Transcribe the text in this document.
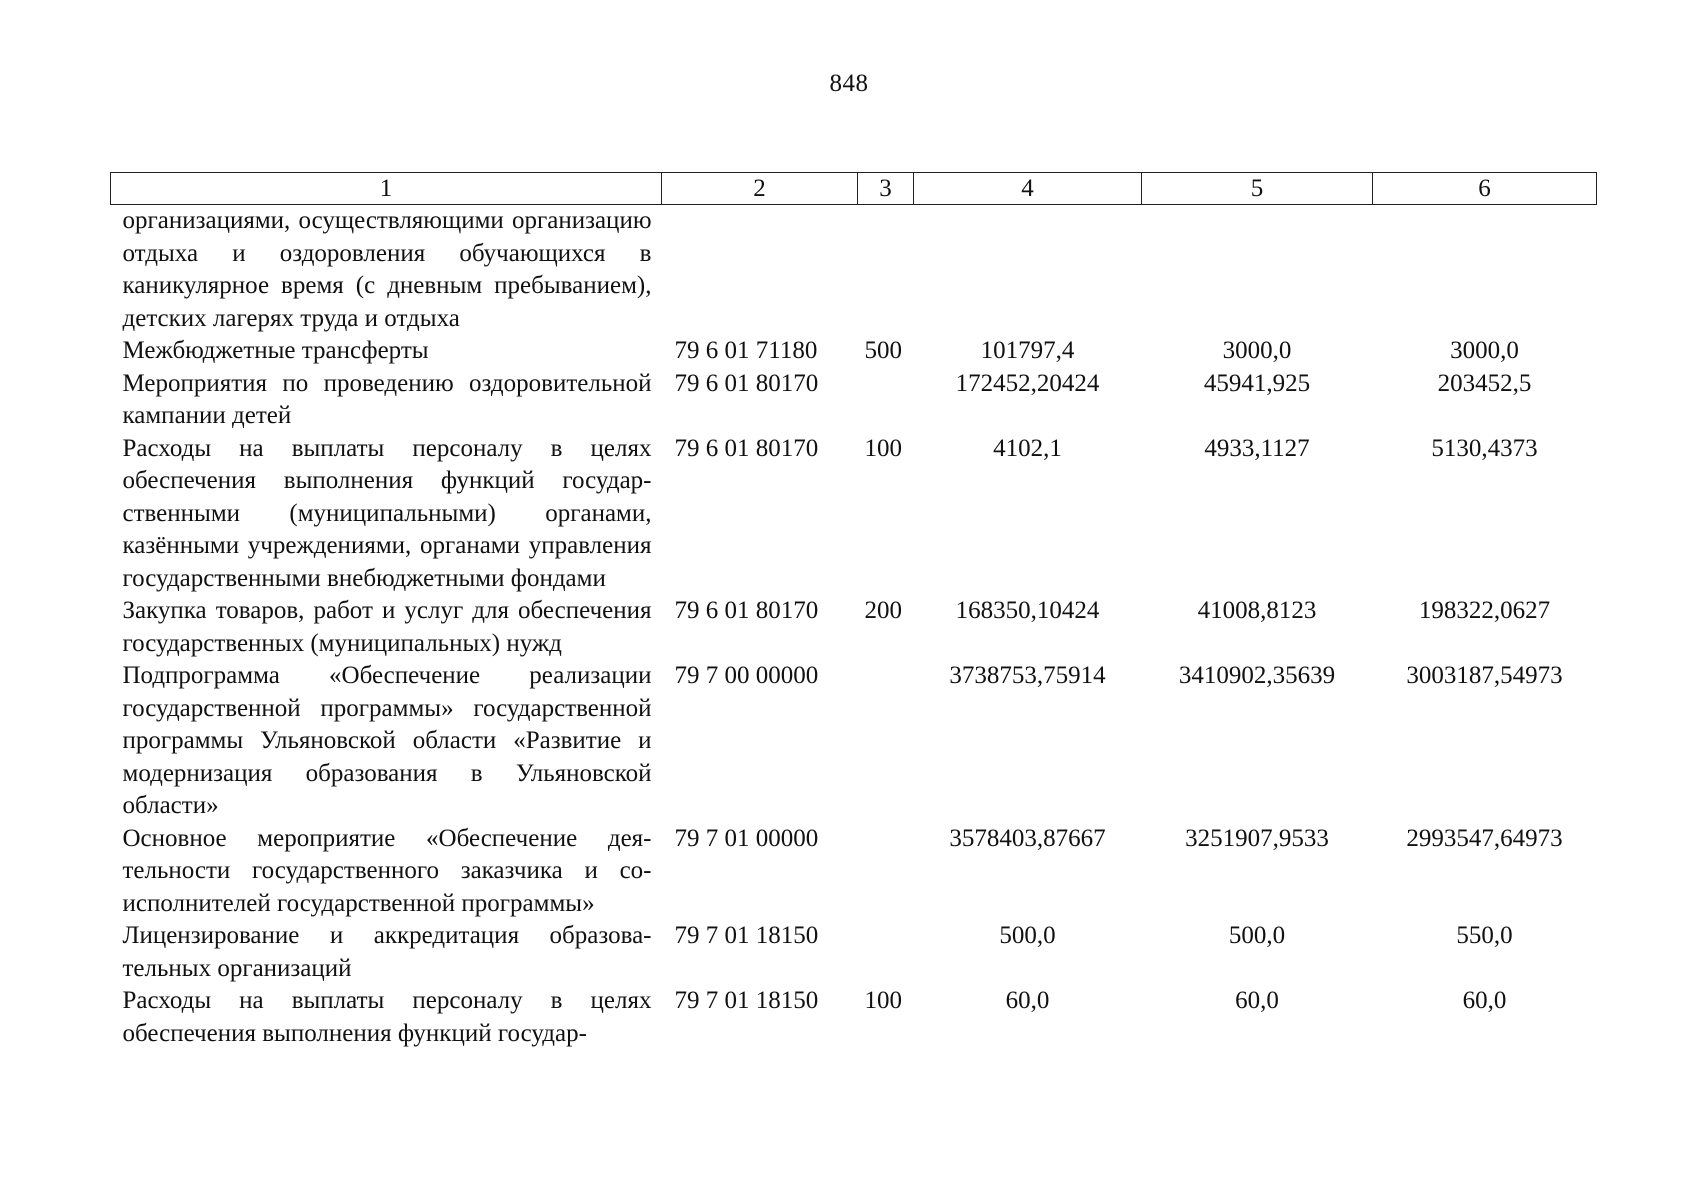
848
1	2	3	4	5	6
организациями, осуществляющими организацию отдыха и оздоровления обучающихся в каникулярное время (с дневным пребыванием), детских лагерях труда и отдыха					
Межбюджетные трансферты	79 6 01 71180	500	101797,4	3000,0	3000,0
Мероприятия по проведению оздоровительной кампании детей	79 6 01 80170		172452,20424	45941,925	203452,5
Расходы на выплаты персоналу в целях обеспечения выполнения функций государственными (муниципальными) органами, казёнными учреждениями, органами управления государственными внебюджетными фондами	79 6 01 80170	100	4102,1	4933,1127	5130,4373
Закупка товаров, работ и услуг для обеспечения государственных (муниципальных) нужд	79 6 01 80170	200	168350,10424	41008,8123	198322,0627
Подпрограмма «Обеспечение реализации государственной программы» государственной программы Ульяновской области «Развитие и модернизация образования в Ульяновской области»	79 7 00 00000		3738753,75914	3410902,35639	3003187,54973
Основное мероприятие «Обеспечение деятельности государственного заказчика и соисполнителей государственной программы»	79 7 01 00000		3578403,87667	3251907,9533	2993547,64973
Лицензирование и аккредитация образовательных организаций	79 7 01 18150		500,0	500,0	550,0
Расходы на выплаты персоналу в целях обеспечения выполнения функций государ-	79 7 01 18150	100	60,0	60,0	60,0
